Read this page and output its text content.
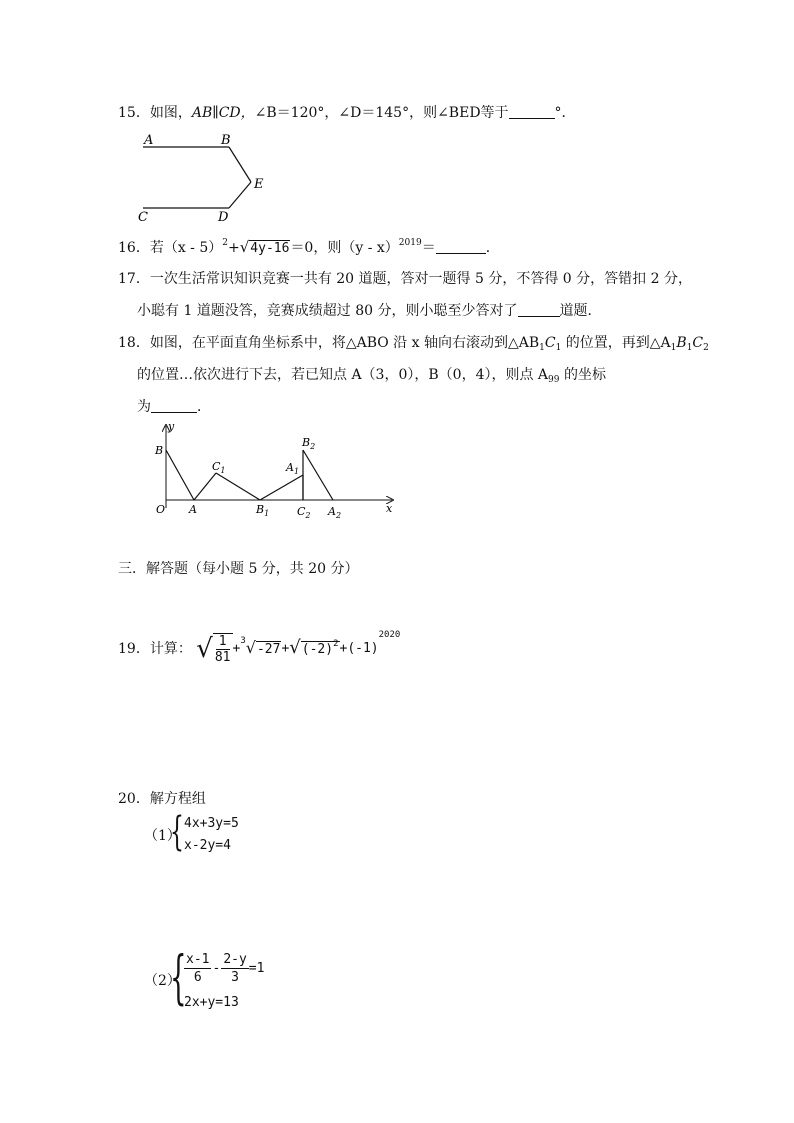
15．如图，AB∥CD，∠B＝120°，∠D＝145°，则∠BED等于	°．
A	B
E
C	D
16．若（x - 5）$^2$+√4y-16＝0，则（y - x）$^{2019}$＝	．
17．一次生活常识知识竞赛一共有 20 道题，答对一题得 5 分，不答得 0 分，答错扣 2 分，
小聪有 1 道题没答，竞赛成绩超过 80 分，则小聪至少答对了	道题．
18．如图，在平面直角坐标系中，将△ABO 沿 x 轴向右滚动到$\triangle AB_1C_1$ 的位置，再到$\triangle A_1B_1C_2$
的位置…依次进行下去，若已知点 A（3，0），B（0，4），则点 $A_{99}$ 的坐标
为	．
y
x
B
O A
$C_1$
$B_1$
$A_1$
$B_2$
$C_2$ $A_2$
三．解答题（每小题 5 分，共 20 分）
19．计算： √ $\frac{1}{81} +^3√-27+√(-2)^2+(-1)^{2020}$
20．解方程组
（1）
{ 4x+3y=5
x-2y=4
（2）
{
$\frac{x-1}{6} - \frac{2-y}{3} =1$
2x+y=13
